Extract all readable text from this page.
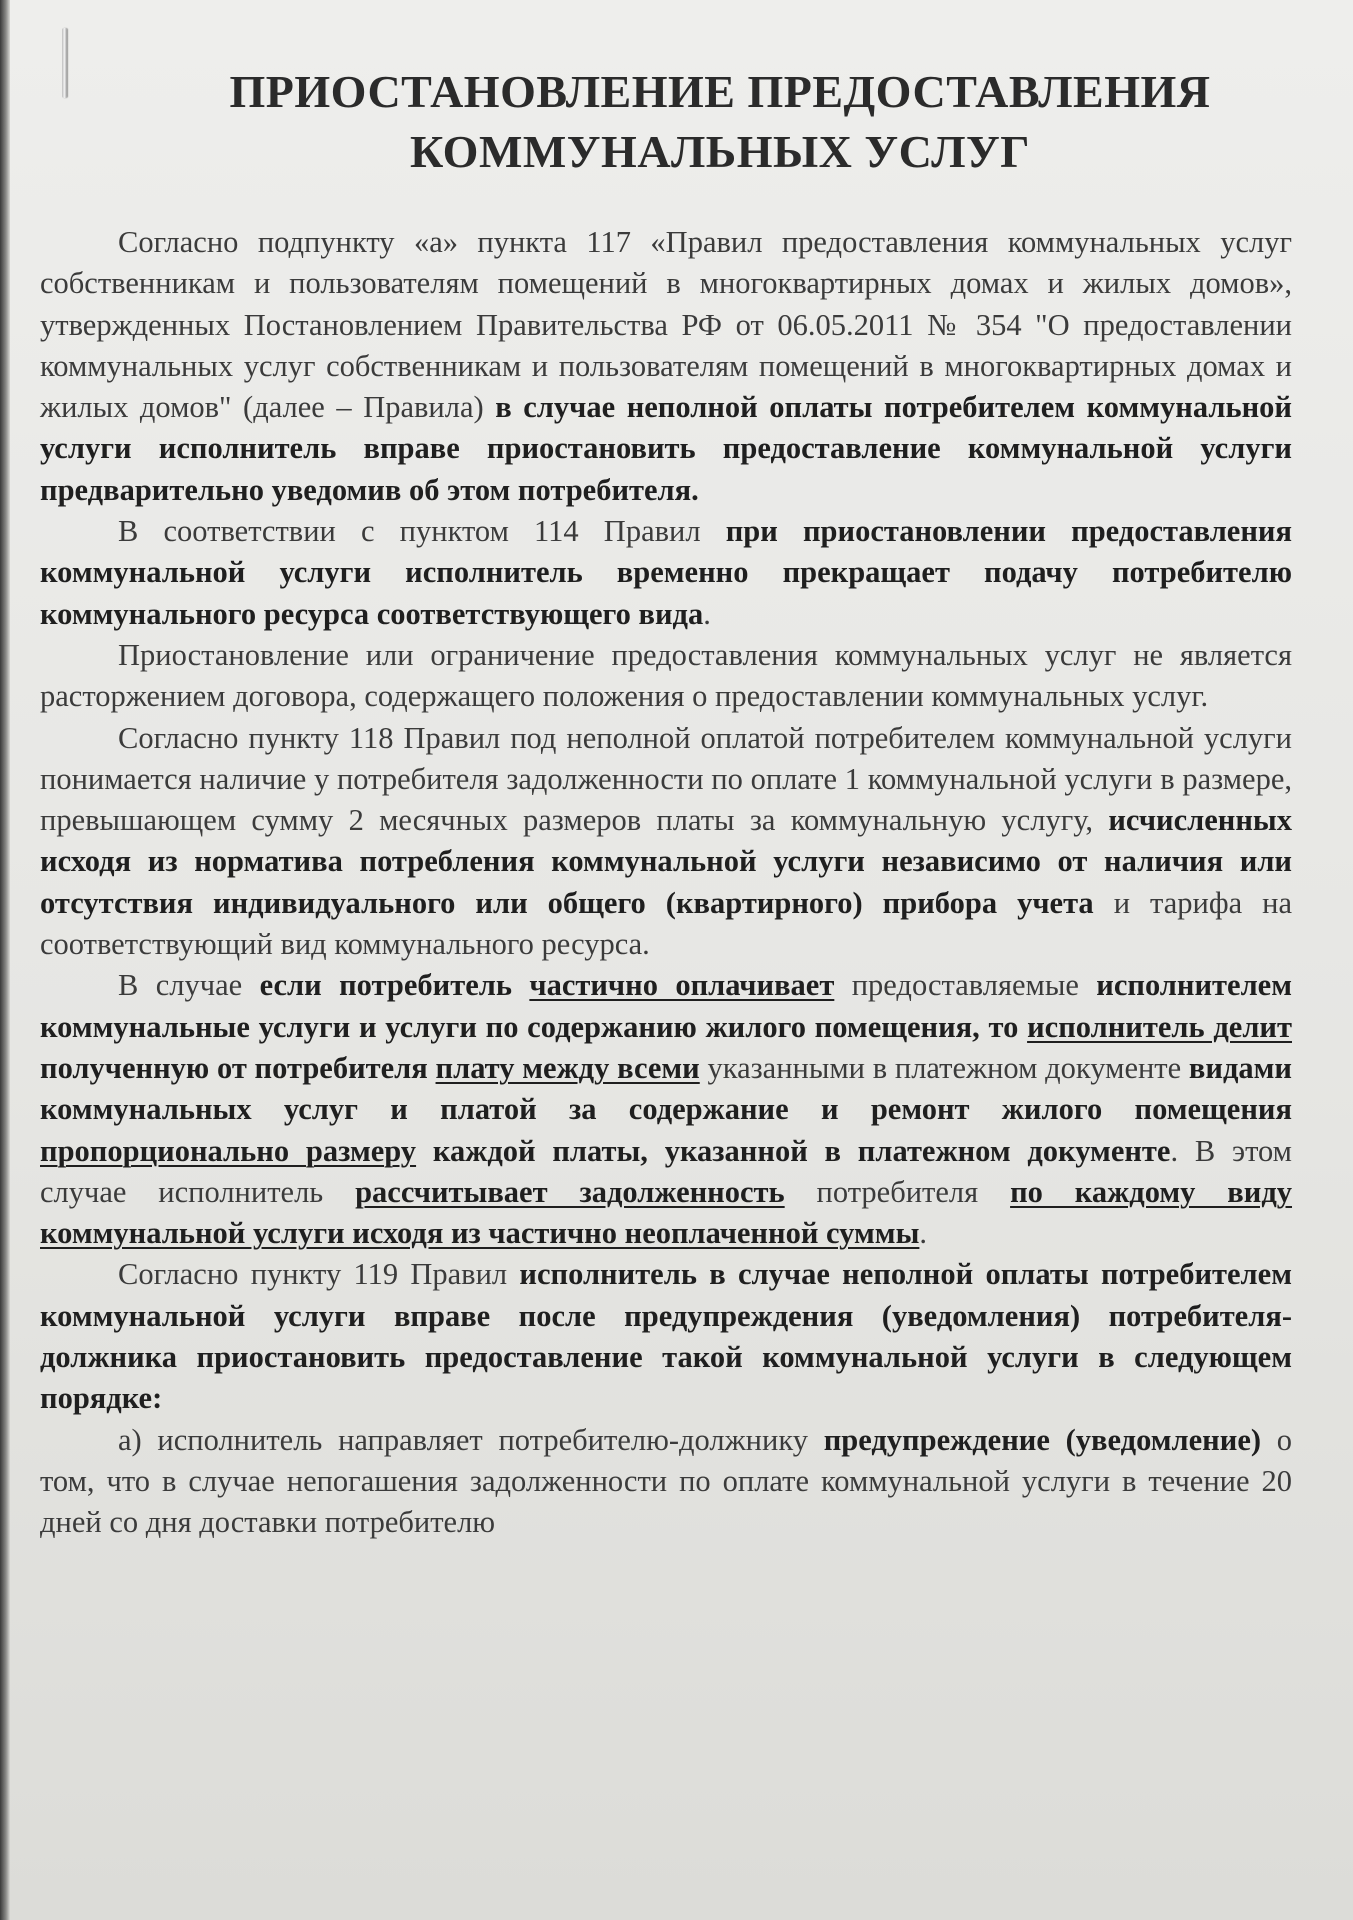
ПРИОСТАНОВЛЕНИЕ ПРЕДОСТАВЛЕНИЯ
КОММУНАЛЬНЫХ УСЛУГ

Согласно подпункту «а» пункта 117 «Правил предоставления коммунальных услуг собственникам и пользователям помещений в многоквартирных домах и жилых домов», утвержденных Постановлением Правительства РФ от 06.05.2011 № 354 "О предоставлении коммунальных услуг собственникам и пользователям помещений в многоквартирных домах и жилых домов" (далее – Правила) в случае неполной оплаты потребителем коммунальной услуги исполнитель вправе приостановить предоставление коммунальной услуги предварительно уведомив об этом потребителя.

В соответствии с пунктом 114 Правил при приостановлении предоставления коммунальной услуги исполнитель временно прекращает подачу потребителю коммунального ресурса соответствующего вида.

Приостановление или ограничение предоставления коммунальных услуг не является расторжением договора, содержащего положения о предоставлении коммунальных услуг.

Согласно пункту 118 Правил под неполной оплатой потребителем коммунальной услуги понимается наличие у потребителя задолженности по оплате 1 коммунальной услуги в размере, превышающем сумму 2 месячных размеров платы за коммунальную услугу, исчисленных исходя из норматива потребления коммунальной услуги независимо от наличия или отсутствия индивидуального или общего (квартирного) прибора учета и тарифа на соответствующий вид коммунального ресурса.

В случае если потребитель частично оплачивает предоставляемые исполнителем коммунальные услуги и услуги по содержанию жилого помещения, то исполнитель делит полученную от потребителя плату между всеми указанными в платежном документе видами коммунальных услуг и платой за содержание и ремонт жилого помещения пропорционально размеру каждой платы, указанной в платежном документе. В этом случае исполнитель рассчитывает задолженность потребителя по каждому виду коммунальной услуги исходя из частично неоплаченной суммы.

Согласно пункту 119 Правил исполнитель в случае неполной оплаты потребителем коммунальной услуги вправе после предупреждения (уведомления) потребителя-должника приостановить предоставление такой коммунальной услуги в следующем порядке:

а) исполнитель направляет потребителю-должнику предупреждение (уведомление) о том, что в случае непогашения задолженности по оплате коммунальной услуги в течение 20 дней со дня доставки потребителю
